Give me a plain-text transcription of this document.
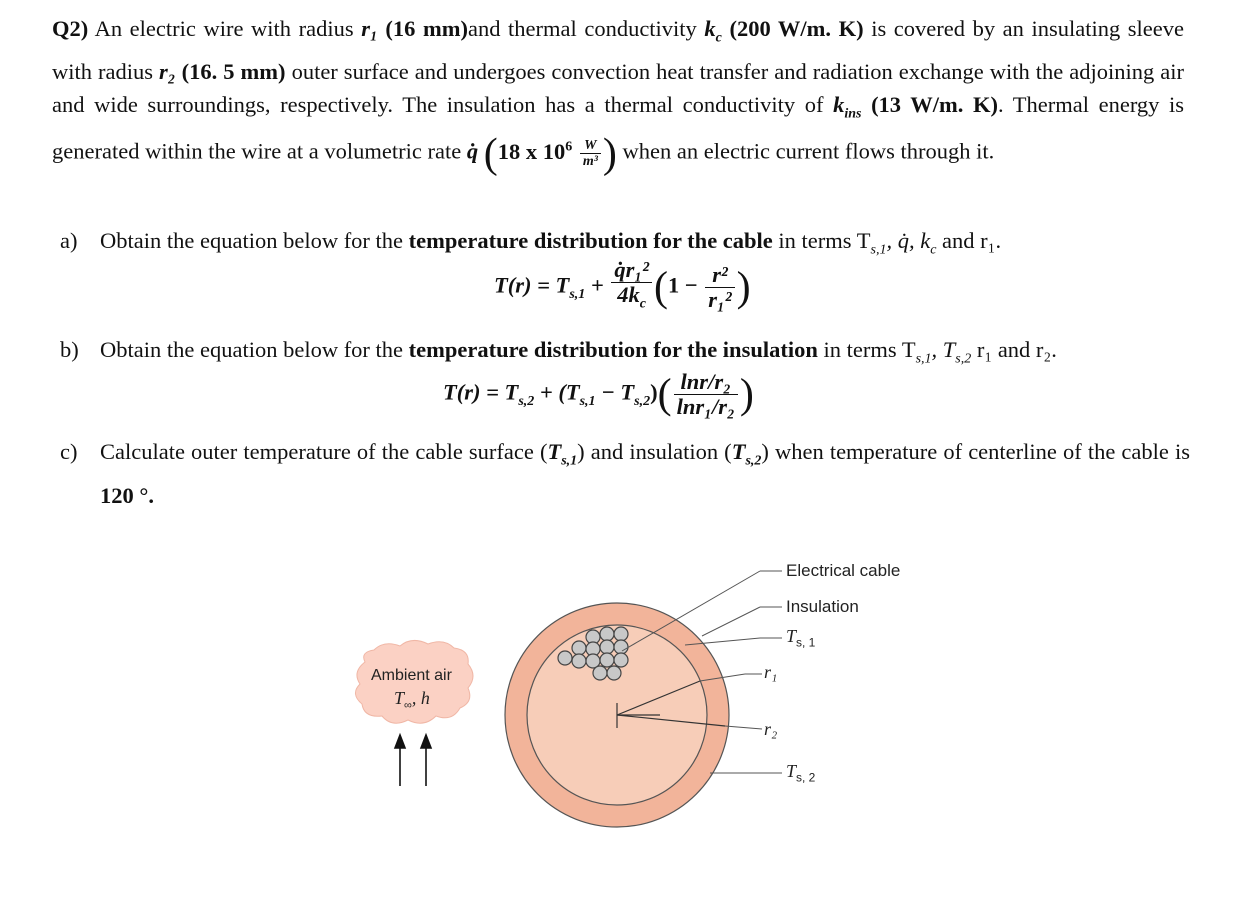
Q2) An electric wire with radius r₁ (16 mm)and thermal conductivity $k_c$ (200 W/m. K) is covered by an insulating sleeve with radius r₂ (16. 5 mm) outer surface and undergoes convection heat transfer and radiation exchange with the adjoining air and wide surroundings, respectively. The insulation has a thermal conductivity of $k_{ins}$ (13 W/m. K). Thermal energy is generated within the wire at a volumetric rate q̇ (18 x $10^6 \frac{W}{\text{m³}}$ ) when an electric current flows through it.
a) Obtain the equation below for the temperature distribution for the cable in terms $T_{s,1}$, q̇, $k_c$ and r₁.
$T(r) = T_{s,1} + \frac{\text{q̇r₁²}}{4k_c} (1 - \frac{\text{r²}}{\text{r₁²}}$ )
b) Obtain the equation below for the temperature distribution for the insulation in terms $T_{s,1}$, $T_{s,2}$ r₁ and r₂.
$T(r) = T_{s,2} + (T_{s,1} - T_{s,2})( \frac{\text{lnr/r₂}}{\text{lnr₁/r₂}}$ )
c) Calculate outer temperature of the cable surface $(T_{s,1})$ and insulation $(T_{s,2})$ when temperature of centerline of the cable is 120 °.
Electrical cable
Insulation
$T_{s, 1}$
r₁
r₂
$T_{s, 2}$
Ambient air
$T_\infty$, h
